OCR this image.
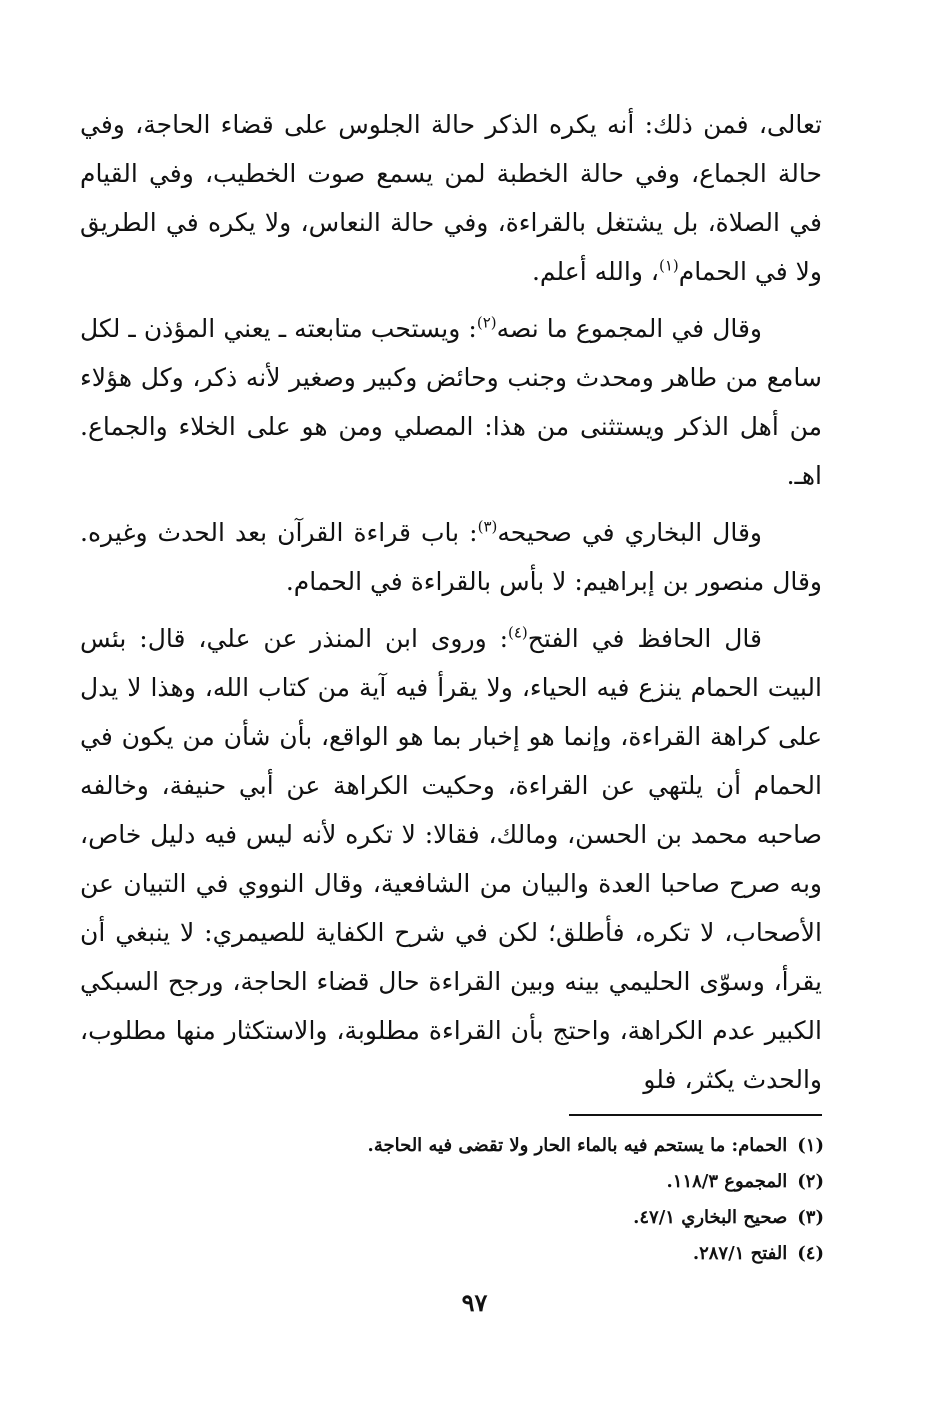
تعالى، فمن ذلك: أنه يكره الذكر حالة الجلوس على قضاء الحاجة، وفي حالة الجماع، وفي حالة الخطبة لمن يسمع صوت الخطيب، وفي القيام في الصلاة، بل يشتغل بالقراءة، وفي حالة النعاس، ولا يكره في الطريق ولا في الحمام$^{(١)}$، والله أعلم.
وقال في المجموع ما نصه$^{(٢)}$: ويستحب متابعته ـ يعني المؤذن ـ لكل سامع من طاهر ومحدث وجنب وحائض وكبير وصغير لأنه ذكر، وكل هؤلاء من أهل الذكر ويستثنى من هذا: المصلي ومن هو على الخلاء والجماع. اهـ.
وقال البخاري في صحيحه$^{(٣)}$: باب قراءة القرآن بعد الحدث وغيره. وقال منصور بن إبراهيم: لا بأس بالقراءة في الحمام.
قال الحافظ في الفتح$^{(٤)}$: وروى ابن المنذر عن علي، قال: بئس البيت الحمام ينزع فيه الحياء، ولا يقرأ فيه آية من كتاب الله، وهذا لا يدل على كراهة القراءة، وإنما هو إخبار بما هو الواقع، بأن شأن من يكون في الحمام أن يلتهي عن القراءة، وحكيت الكراهة عن أبي حنيفة، وخالفه صاحبه محمد بن الحسن، ومالك، فقالا: لا تكره لأنه ليس فيه دليل خاص، وبه صرح صاحبا العدة والبيان من الشافعية، وقال النووي في التبيان عن الأصحاب، لا تكره، فأطلق؛ لكن في شرح الكفاية للصيمري: لا ينبغي أن يقرأ، وسوّى الحليمي بينه وبين القراءة حال قضاء الحاجة، ورجح السبكي الكبير عدم الكراهة، واحتج بأن القراءة مطلوبة، والاستكثار منها مطلوب، والحدث يكثر، فلو
(١)الحمام: ما يستحم فيه بالماء الحار ولا تقضى فيه الحاجة.
(٢)المجموع ١١٨/٣.
(٣)صحيح البخاري ٤٧/١.
(٤)الفتح ٢٨٧/١.
٩٧
